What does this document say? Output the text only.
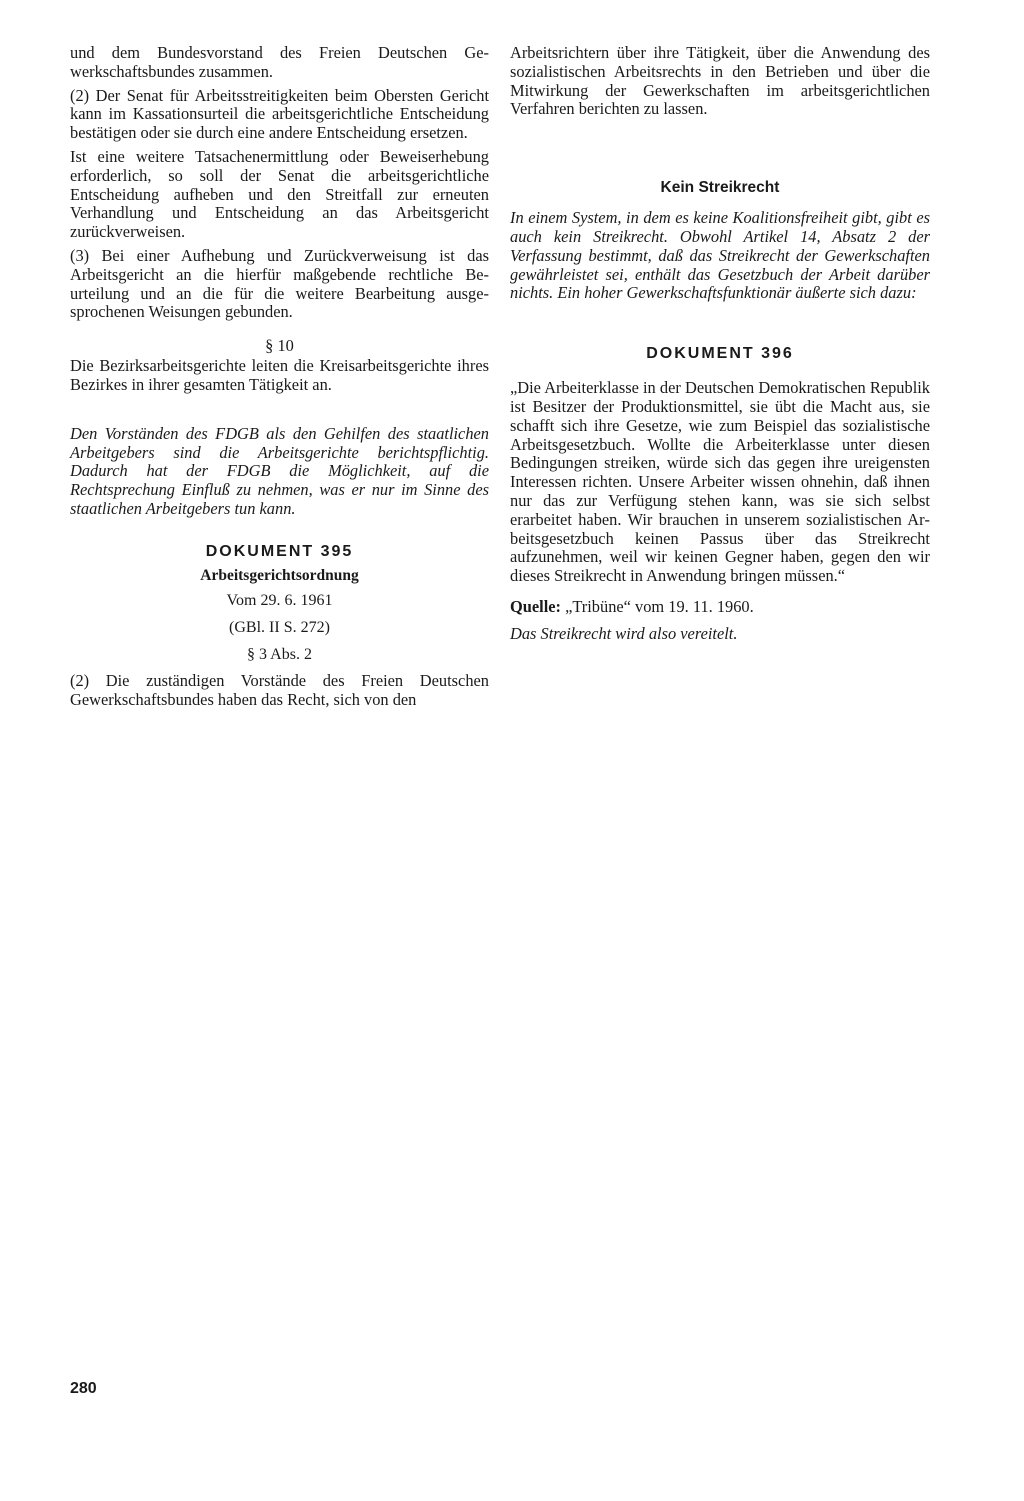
und dem Bundesvorstand des Freien Deutschen Gewerkschaftsbundes zusammen.

(2) Der Senat für Arbeitsstreitigkeiten beim Obersten Gericht kann im Kassationsurteil die arbeitsgerichtliche Entscheidung bestätigen oder sie durch eine andere Entscheidung ersetzen.

Ist eine weitere Tatsachenermittlung oder Beweiserhebung erforderlich, so soll der Senat die arbeitsgerichtliche Entscheidung aufheben und den Streitfall zur erneuten Verhandlung und Entscheidung an das Arbeitsgericht zurückverweisen.

(3) Bei einer Aufhebung und Zurückverweisung ist das Arbeitsgericht an die hierfür maßgebende rechtliche Beurteilung und an die für die weitere Bearbeitung ausgesprochenen Weisungen gebunden.

§ 10

Die Bezirksarbeitsgerichte leiten die Kreisarbeitsgerichte ihres Bezirkes in ihrer gesamten Tätigkeit an.

Den Vorständen des FDGB als den Gehilfen des staatlichen Arbeitgebers sind die Arbeitsgerichte berichtspflichtig. Dadurch hat der FDGB die Möglichkeit, auf die Rechtsprechung Einfluß zu nehmen, was er nur im Sinne des staatlichen Arbeitgebers tun kann.

DOKUMENT 395
Arbeitsgerichtsordnung
Vom 29. 6. 1961
(GBl. II S. 272)
§ 3 Abs. 2

(2) Die zuständigen Vorstände des Freien Deutschen Gewerkschaftsbundes haben das Recht, sich von den

Arbeitsrichtern über ihre Tätigkeit, über die Anwendung des sozialistischen Arbeitsrechts in den Betrieben und über die Mitwirkung der Gewerkschaften im arbeitsgerichtlichen Verfahren berichten zu lassen.

Kein Streikrecht

In einem System, in dem es keine Koalitionsfreiheit gibt, gibt es auch kein Streikrecht. Obwohl Artikel 14, Absatz 2 der Verfassung bestimmt, daß das Streikrecht der Gewerkschaften gewährleistet sei, enthält das Gesetzbuch der Arbeit darüber nichts. Ein hoher Gewerkschaftsfunktionär äußerte sich dazu:

DOKUMENT 396

„Die Arbeiterklasse in der Deutschen Demokratischen Republik ist Besitzer der Produktionsmittel, sie übt die Macht aus, sie schafft sich ihre Gesetze, wie zum Beispiel das sozialistische Arbeitsgesetzbuch. Wollte die Arbeiterklasse unter diesen Bedingungen streiken, würde sich das gegen ihre ureigensten Interessen richten. Unsere Arbeiter wissen ohnehin, daß ihnen nur das zur Verfügung stehen kann, was sie sich selbst erarbeitet haben. Wir brauchen in unserem sozialistischen Arbeitsgesetzbuch keinen Passus über das Streikrecht aufzunehmen, weil wir keinen Gegner haben, gegen den wir dieses Streikrecht in Anwendung bringen müssen.“

Quelle: „Tribüne“ vom 19. 11. 1960.

Das Streikrecht wird also vereitelt.

280
